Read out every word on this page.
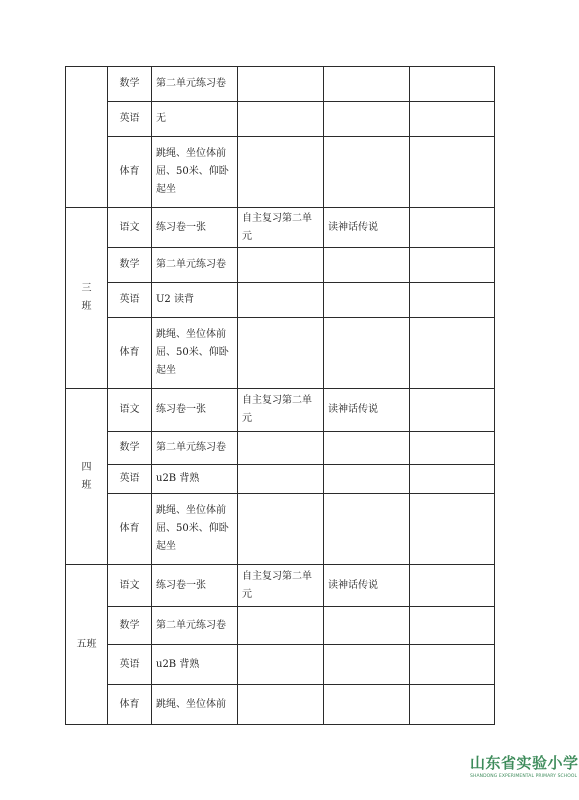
	数学	第二单元练习卷			
	英语	无			
	体育	跳绳、坐位体前屈、50米、仰卧起坐			

三
班	语文	练习卷一张	自主复习第二单元	读神话传说	
	数学	第二单元练习卷			
	英语	U2 读背			
	体育	跳绳、坐位体前屈、50米、仰卧起坐			

四
班	语文	练习卷一张	自主复习第二单元	读神话传说	
	数学	第二单元练习卷			
	英语	u2B 背熟			
	体育	跳绳、坐位体前屈、50米、仰卧起坐			

五班	语文	练习卷一张	自主复习第二单元	读神话传说	
	数学	第二单元练习卷			
	英语	u2B 背熟			
	体育	跳绳、坐位体前			
山东省实验小学
SHANDONG EXPERIMENTAL PRIMARY SCHOOL
